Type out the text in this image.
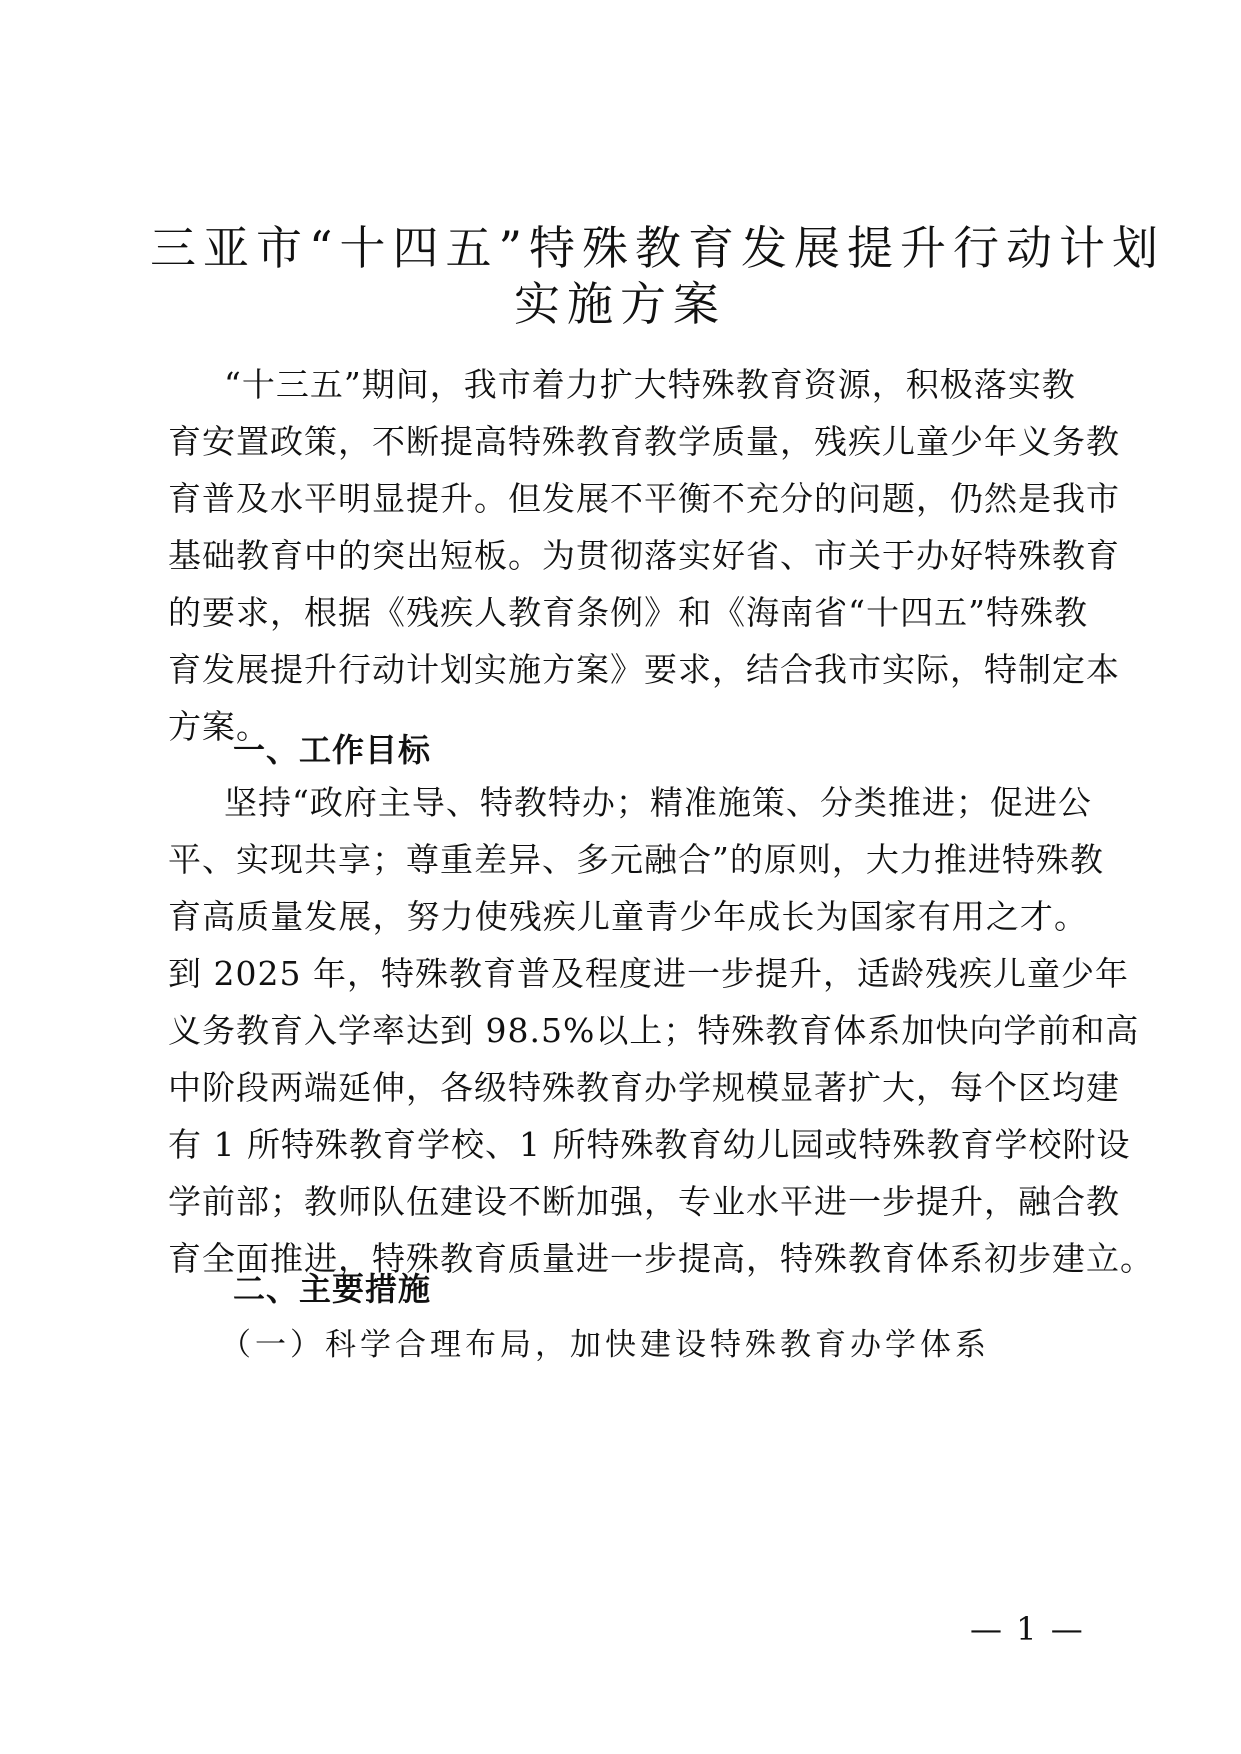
三亚市“十四五”特殊教育发展提升行动计划
实施方案
“十三五”期间，我市着力扩大特殊教育资源，积极落实教
育安置政策，不断提高特殊教育教学质量，残疾儿童少年义务教
育普及水平明显提升。但发展不平衡不充分的问题，仍然是我市
基础教育中的突出短板。为贯彻落实好省、市关于办好特殊教育
的要求，根据《残疾人教育条例》和《海南省“十四五”特殊教
育发展提升行动计划实施方案》要求，结合我市实际，特制定本
方案。
一、工作目标
坚持“政府主导、特教特办；精准施策、分类推进；促进公
平、实现共享；尊重差异、多元融合”的原则，大力推进特殊教
育高质量发展，努力使残疾儿童青少年成长为国家有用之才。
到 2025 年，特殊教育普及程度进一步提升，适龄残疾儿童少年
义务教育入学率达到 98.5%以上；特殊教育体系加快向学前和高
中阶段两端延伸，各级特殊教育办学规模显著扩大，每个区均建
有 1 所特殊教育学校、1 所特殊教育幼儿园或特殊教育学校附设
学前部；教师队伍建设不断加强，专业水平进一步提升，融合教
育全面推进，特殊教育质量进一步提高，特殊教育体系初步建立。
二、主要措施
（一）科学合理布局，加快建设特殊教育办学体系
— 1 —
